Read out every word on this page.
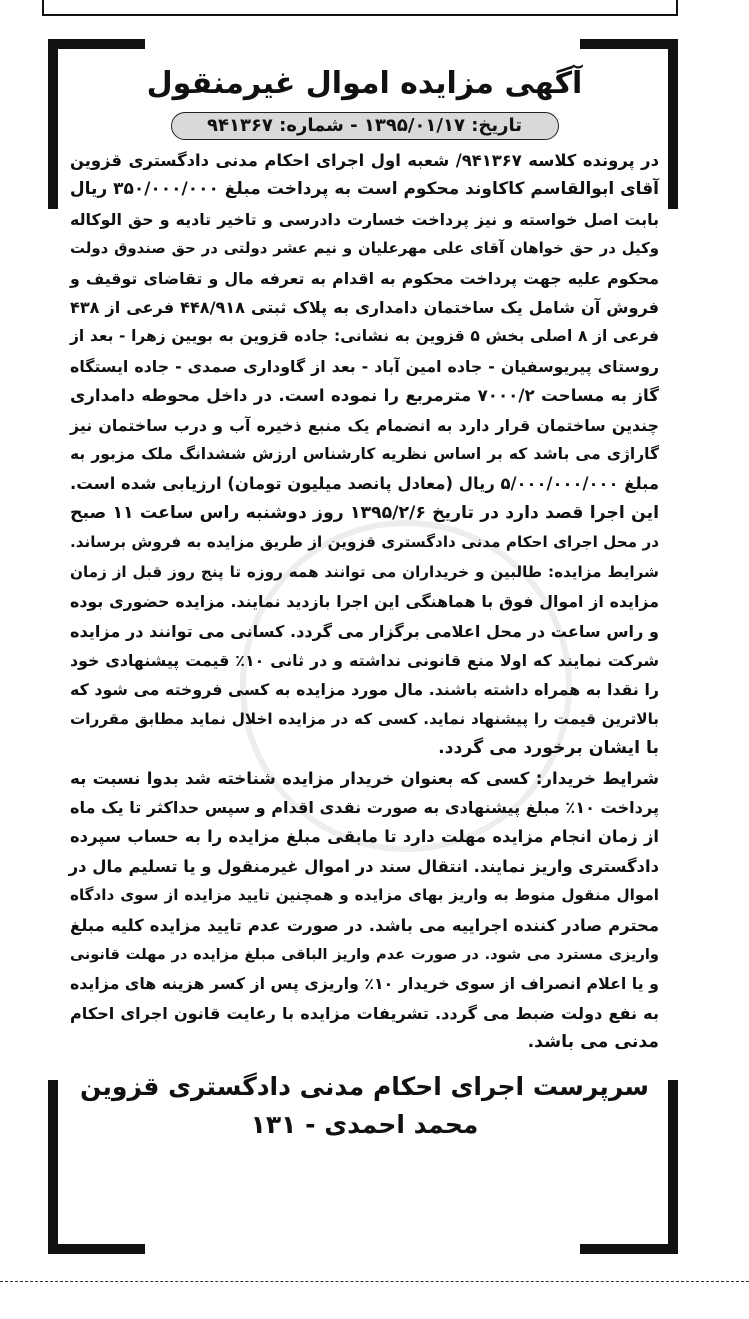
آگهی مزایده اموال غیرمنقول
تاریخ: ۱۳۹۵/۰۱/۱۷ - شماره: ۹۴۱۳۶۷
در پرونده کلاسه ۹۴۱۳۶۷/ شعبه اول اجرای احکام مدنی دادگستری قزوین
آقای ابوالقاسم کاکاوند محکوم است به پرداخت مبلغ ۳۵۰/۰۰۰/۰۰۰ ریال
بابت اصل خواسته و نیز پرداخت خسارت دادرسی و تاخیر تادیه و حق الوکاله
وکیل در حق خواهان آقای علی مهرعلیان و نیم عشر دولتی در حق صندوق دولت
محکوم علیه جهت پرداخت محکوم به اقدام به تعرفه مال و تقاضای توقیف و
فروش آن شامل یک ساختمان دامداری به پلاک ثبتی ۴۴۸/۹۱۸ فرعی از ۴۳۸
فرعی از ۸ اصلی بخش ۵ قزوین به نشانی: جاده قزوین به بویین زهرا - بعد از
روستای پیریوسفیان - جاده امین آباد - بعد از گاوداری صمدی - جاده ایستگاه
گاز به مساحت ۷۰۰۰/۲ مترمربع را نموده است. در داخل محوطه دامداری
چندین ساختمان قرار دارد به انضمام یک منبع ذخیره آب و درب ساختمان نیز
گاراژی می باشد که بر اساس نظریه کارشناس ارزش ششدانگ ملک مزبور به
مبلغ ۵/۰۰۰/۰۰۰/۰۰۰ ریال (معادل پانصد میلیون تومان) ارزیابی شده است.
این اجرا قصد دارد در تاریخ ۱۳۹۵/۲/۶ روز دوشنبه راس ساعت ۱۱ صبح
در محل اجرای احکام مدنی دادگستری قزوین از طریق مزایده به فروش برساند.
شرایط مزایده: طالبین و خریداران می توانند همه روزه تا پنج روز قبل از زمان
مزایده از اموال فوق با هماهنگی این اجرا بازدید نمایند. مزایده حضوری بوده
و راس ساعت در محل اعلامی برگزار می گردد. کسانی می توانند در مزایده
شرکت نمایند که اولا منع قانونی نداشته و در ثانی ۱۰٪ قیمت پیشنهادی خود
را نقدا به همراه داشته باشند. مال مورد مزایده به کسی فروخته می شود که
بالاترین قیمت را پیشنهاد نماید. کسی که در مزایده اخلال نماید مطابق مقررات
با ایشان برخورد می گردد.
شرایط خریدار: کسی که بعنوان خریدار مزایده شناخته شد بدوا نسبت به
پرداخت ۱۰٪ مبلغ پیشنهادی به صورت نقدی اقدام و سپس حداکثر تا یک ماه
از زمان انجام مزایده مهلت دارد تا مابقی مبلغ مزایده را به حساب سپرده
دادگستری واریز نمایند. انتقال سند در اموال غیرمنقول و یا تسلیم مال در
اموال منقول منوط به واریز بهای مزایده و همچنین تایید مزایده از سوی دادگاه
محترم صادر کننده اجراییه می باشد. در صورت عدم تایید مزایده کلیه مبلغ
واریزی مسترد می شود. در صورت عدم واریز الباقی مبلغ مزایده در مهلت قانونی
و یا اعلام انصراف از سوی خریدار ۱۰٪ واریزی پس از کسر هزینه های مزایده
به نفع دولت ضبط می گردد. تشریفات مزایده با رعایت قانون اجرای احکام
مدنی می باشد.

سرپرست اجرای احکام مدنی دادگستری قزوین

محمد احمدی - ۱۳۱
